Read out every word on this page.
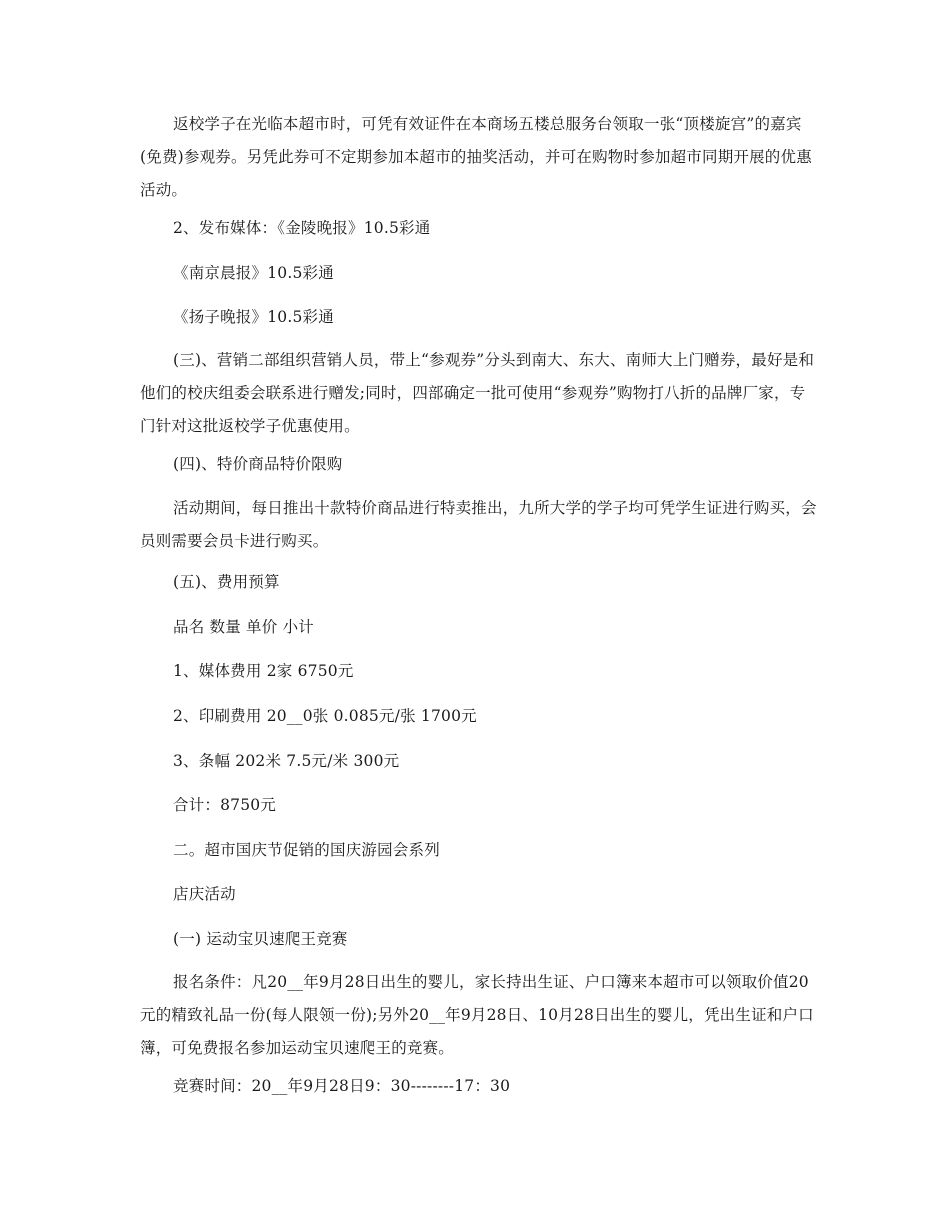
返校学子在光临本超市时，可凭有效证件在本商场五楼总服务台领取一张“顶楼旋宫”的嘉宾(免费)参观券。另凭此券可不定期参加本超市的抽奖活动，并可在购物时参加超市同期开展的优惠活动。

2、发布媒体：《金陵晚报》10.5彩通

《南京晨报》10.5彩通

《扬子晚报》10.5彩通

(三)、营销二部组织营销人员，带上“参观券”分头到南大、东大、南师大上门赠券，最好是和他们的校庆组委会联系进行赠发;同时，四部确定一批可使用“参观券”购物打八折的品牌厂家，专门针对这批返校学子优惠使用。

(四)、特价商品特价限购

活动期间，每日推出十款特价商品进行特卖推出，九所大学的学子均可凭学生证进行购买，会员则需要会员卡进行购买。

(五)、费用预算

品名 数量 单价 小计

1、媒体费用 2家 6750元

2、印刷费用 20__0张 0.085元/张 1700元

3、条幅 202米 7.5元/米 300元

合计：8750元

二。超市国庆节促销的国庆游园会系列

店庆活动

(一) 运动宝贝速爬王竞赛

报名条件：凡20__年9月28日出生的婴儿，家长持出生证、户口簿来本超市可以领取价值20元的精致礼品一份(每人限领一份);另外20__年9月28日、10月28日出生的婴儿，凭出生证和户口簿，可免费报名参加运动宝贝速爬王的竞赛。

竞赛时间：20__年9月28日9：30--------17：30
